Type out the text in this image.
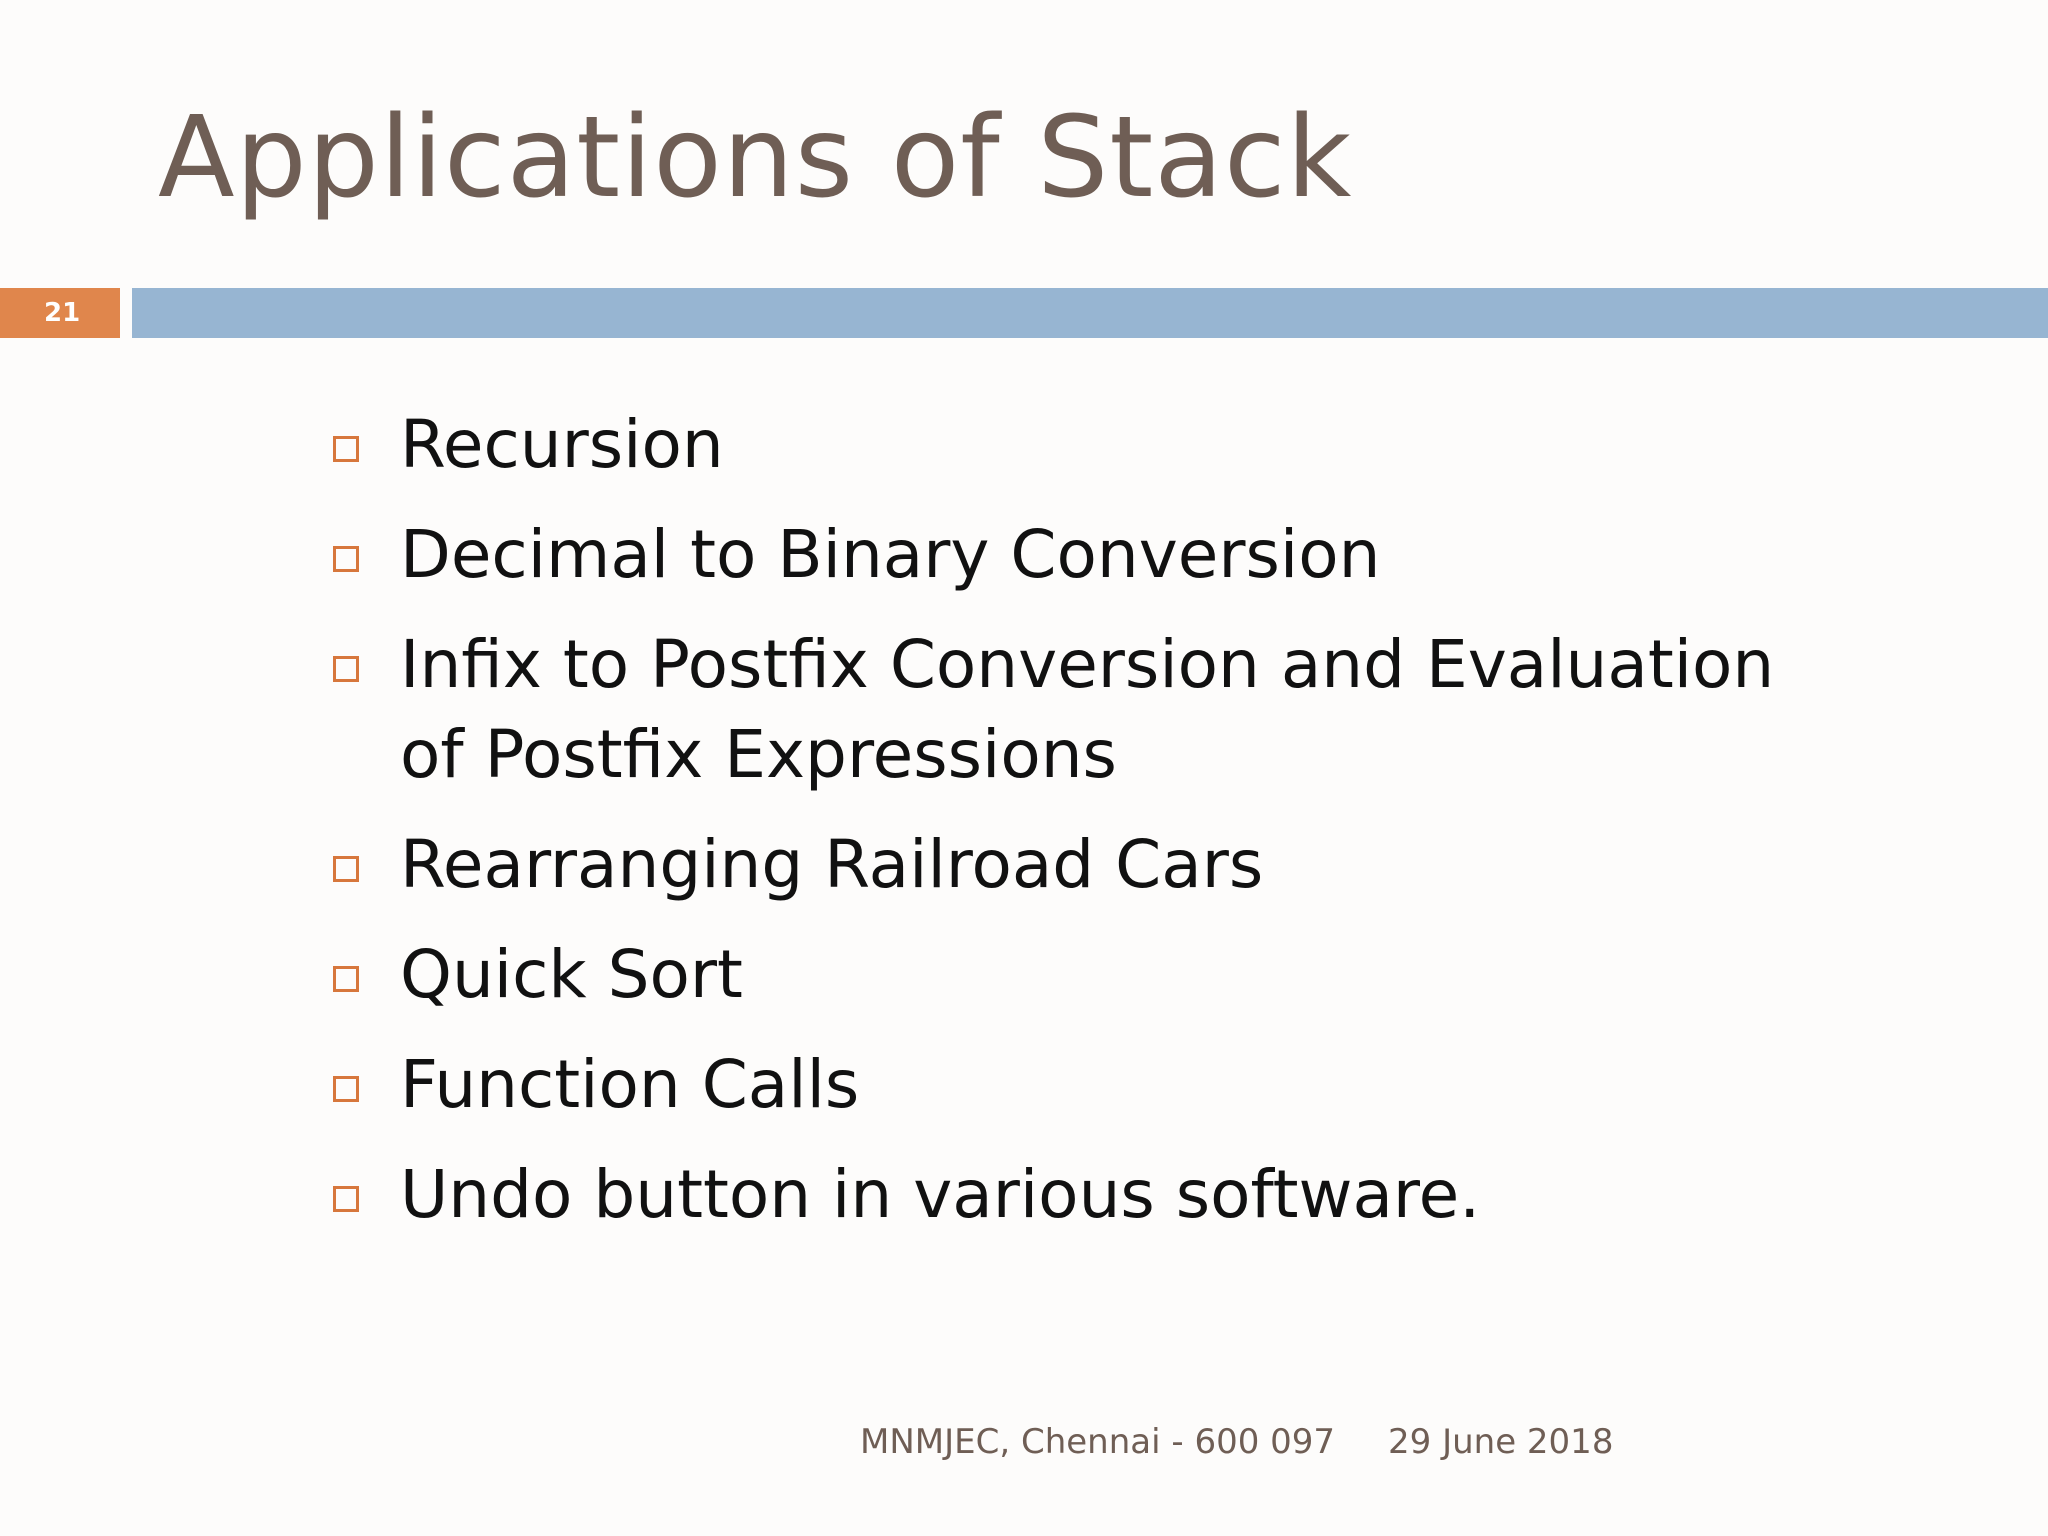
Applications of Stack
21
Recursion
Decimal to Binary Conversion
Infix to Postfix Conversion and Evaluation of Postfix Expressions
Rearranging Railroad Cars
Quick Sort
Function Calls
Undo button in various software.
MNMJEC, Chennai - 600 097 29 June 2018
